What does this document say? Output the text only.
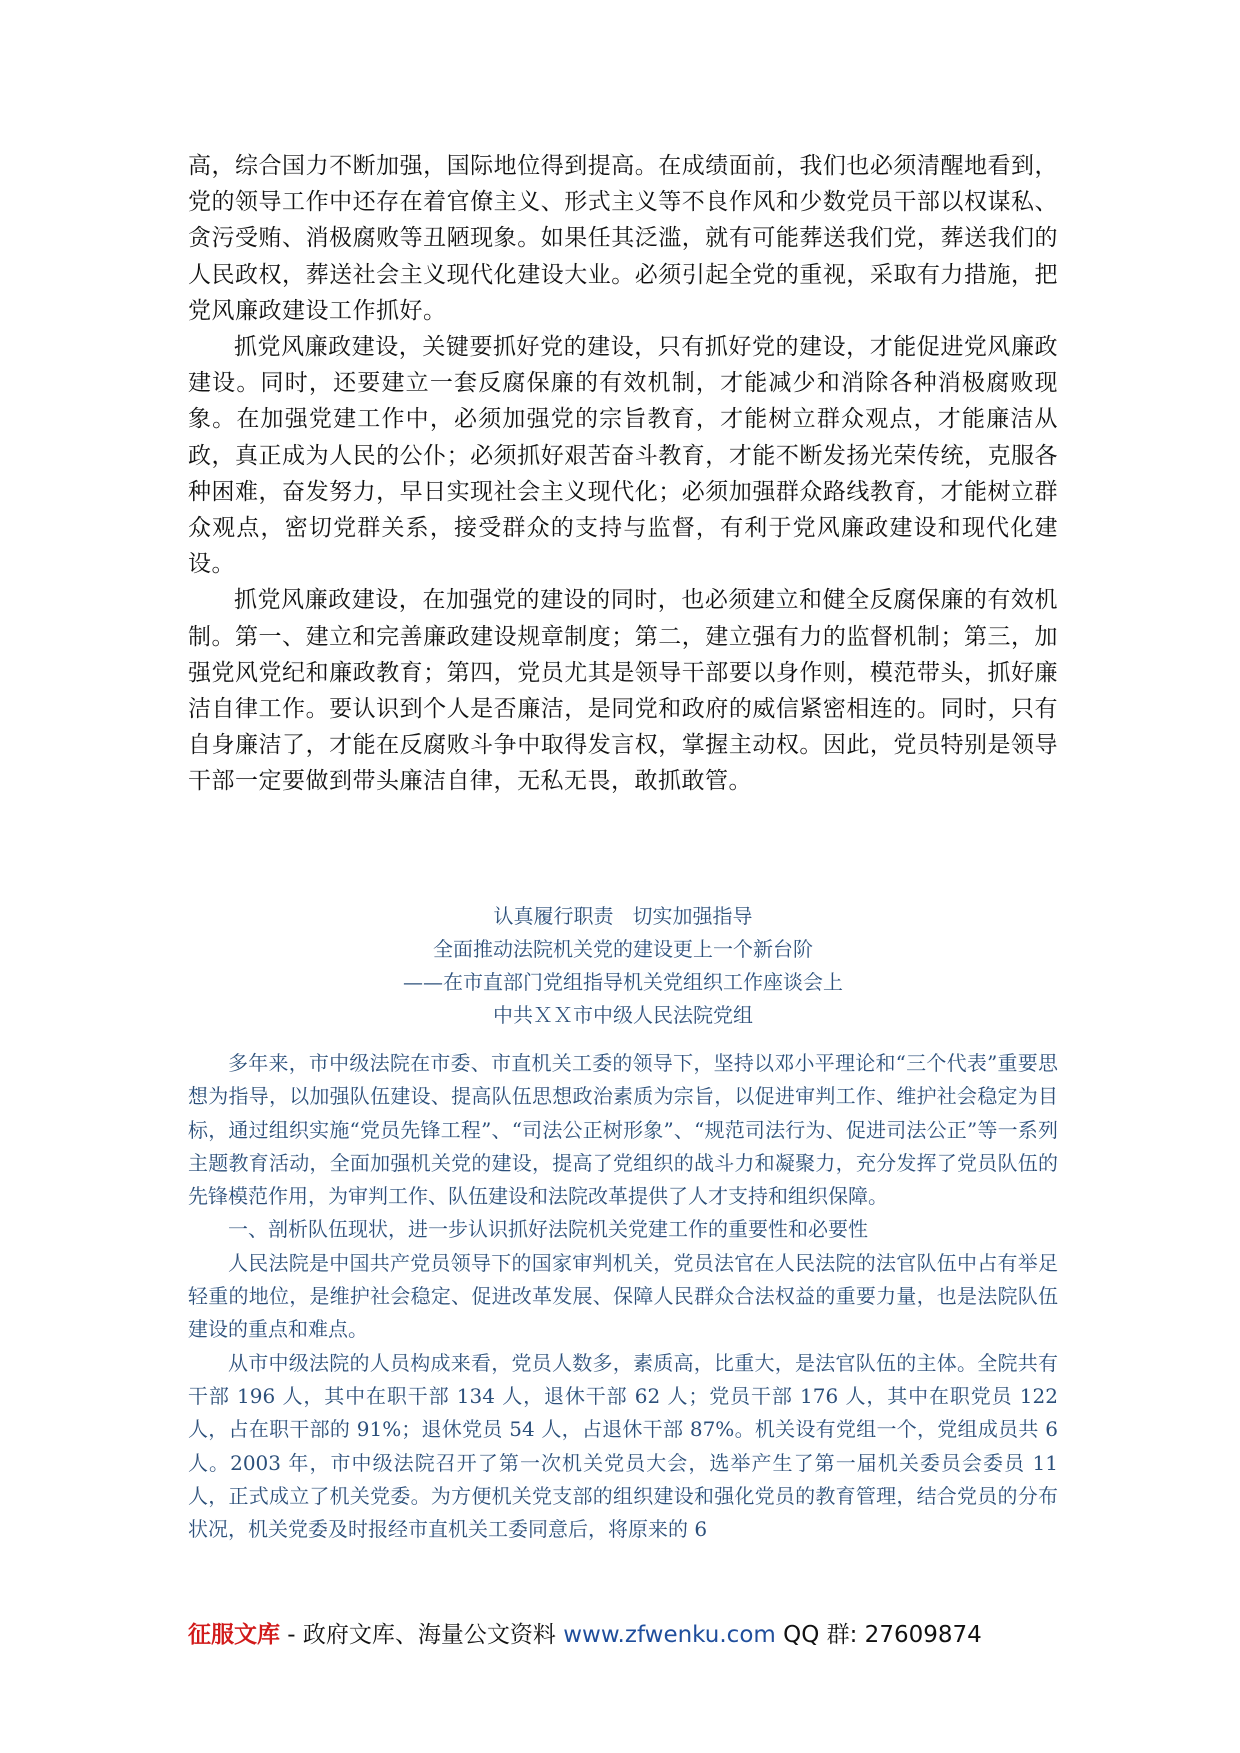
高，综合国力不断加强，国际地位得到提高。在成绩面前，我们也必须清醒地看到，党的领导工作中还存在着官僚主义、形式主义等不良作风和少数党员干部以权谋私、贪污受贿、消极腐败等丑陋现象。如果任其泛滥，就有可能葬送我们党，葬送我们的人民政权，葬送社会主义现代化建设大业。必须引起全党的重视，采取有力措施，把党风廉政建设工作抓好。

抓党风廉政建设，关键要抓好党的建设，只有抓好党的建设，才能促进党风廉政建设。同时，还要建立一套反腐保廉的有效机制，才能减少和消除各种消极腐败现象。在加强党建工作中，必须加强党的宗旨教育，才能树立群众观点，才能廉洁从政，真正成为人民的公仆；必须抓好艰苦奋斗教育，才能不断发扬光荣传统，克服各种困难，奋发努力，早日实现社会主义现代化；必须加强群众路线教育，才能树立群众观点，密切党群关系，接受群众的支持与监督，有利于党风廉政建设和现代化建设。

抓党风廉政建设，在加强党的建设的同时，也必须建立和健全反腐保廉的有效机制。第一、建立和完善廉政建设规章制度；第二，建立强有力的监督机制；第三，加强党风党纪和廉政教育；第四，党员尤其是领导干部要以身作则，模范带头，抓好廉洁自律工作。要认识到个人是否廉洁，是同党和政府的威信紧密相连的。同时，只有自身廉洁了，才能在反腐败斗争中取得发言权，掌握主动权。因此，党员特别是领导干部一定要做到带头廉洁自律，无私无畏，敢抓敢管。

认真履行职责   切实加强指导
全面推动法院机关党的建设更上一个新台阶
——在市直部门党组指导机关党组织工作座谈会上
中共ＸＸ市中级人民法院党组

多年来，市中级法院在市委、市直机关工委的领导下，坚持以邓小平理论和“三个代表”重要思想为指导，以加强队伍建设、提高队伍思想政治素质为宗旨，以促进审判工作、维护社会稳定为目标，通过组织实施“党员先锋工程”、“司法公正树形象”、“规范司法行为、促进司法公正”等一系列主题教育活动，全面加强机关党的建设，提高了党组织的战斗力和凝聚力，充分发挥了党员队伍的先锋模范作用，为审判工作、队伍建设和法院改革提供了人才支持和组织保障。

一、剖析队伍现状，进一步认识抓好法院机关党建工作的重要性和必要性

人民法院是中国共产党员领导下的国家审判机关，党员法官在人民法院的法官队伍中占有举足轻重的地位，是维护社会稳定、促进改革发展、保障人民群众合法权益的重要力量，也是法院队伍建设的重点和难点。

从市中级法院的人员构成来看，党员人数多，素质高，比重大，是法官队伍的主体。全院共有干部 196 人，其中在职干部 134 人，退休干部 62 人；党员干部 176 人，其中在职党员 122 人，占在职干部的 91%；退休党员 54 人，占退休干部 87%。机关设有党组一个，党组成员共 6 人。2003 年，市中级法院召开了第一次机关党员大会，选举产生了第一届机关委员会委员 11 人，正式成立了机关党委。为方便机关党支部的组织建设和强化党员的教育管理，结合党员的分布状况，机关党委及时报经市直机关工委同意后，将原来的 6

征服文库 - 政府文库、海量公文资料 www.zfwenku.com QQ 群: 27609874
